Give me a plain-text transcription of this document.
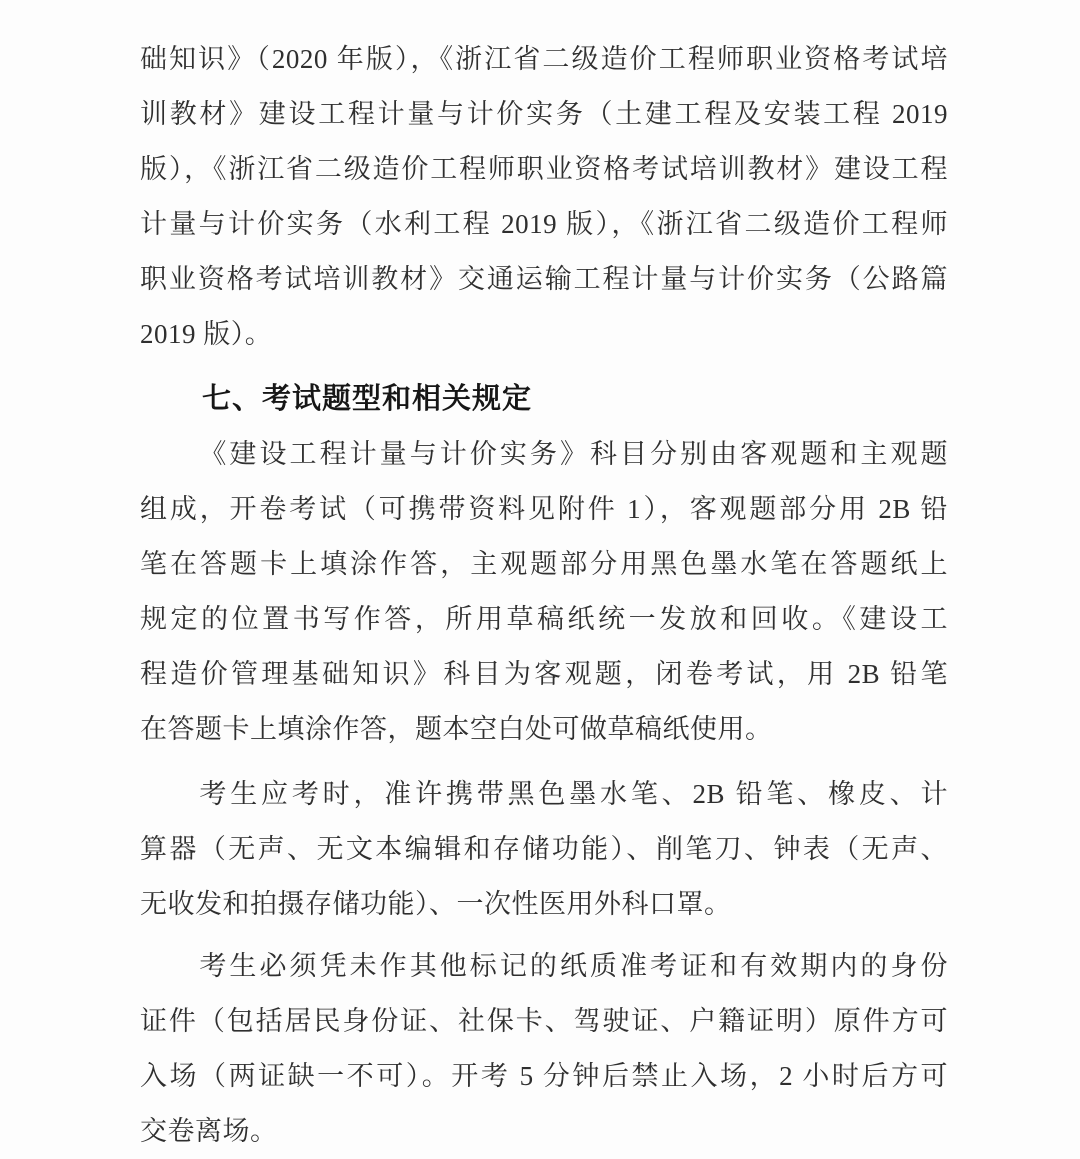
础知识》（2020 年版），《浙江省二级造价工程师职业资格考试培
训教材》建设工程计量与计价实务（土建工程及安装工程 2019
版），《浙江省二级造价工程师职业资格考试培训教材》建设工程
计量与计价实务（水利工程 2019 版），《浙江省二级造价工程师
职业资格考试培训教材》交通运输工程计量与计价实务（公路篇
2019 版）。
七、考试题型和相关规定
《建设工程计量与计价实务》科目分别由客观题和主观题
组成，开卷考试（可携带资料见附件 1），客观题部分用 2B 铅
笔在答题卡上填涂作答，主观题部分用黑色墨水笔在答题纸上
规定的位置书写作答，所用草稿纸统一发放和回收。《建设工
程造价管理基础知识》科目为客观题，闭卷考试，用 2B 铅笔
在答题卡上填涂作答，题本空白处可做草稿纸使用。
考生应考时，准许携带黑色墨水笔、2B 铅笔、橡皮、计
算器（无声、无文本编辑和存储功能）、削笔刀、钟表（无声、
无收发和拍摄存储功能）、一次性医用外科口罩。
考生必须凭未作其他标记的纸质准考证和有效期内的身份
证件（包括居民身份证、社保卡、驾驶证、户籍证明）原件方可
入场（两证缺一不可）。开考 5 分钟后禁止入场，2 小时后方可
交卷离场。
